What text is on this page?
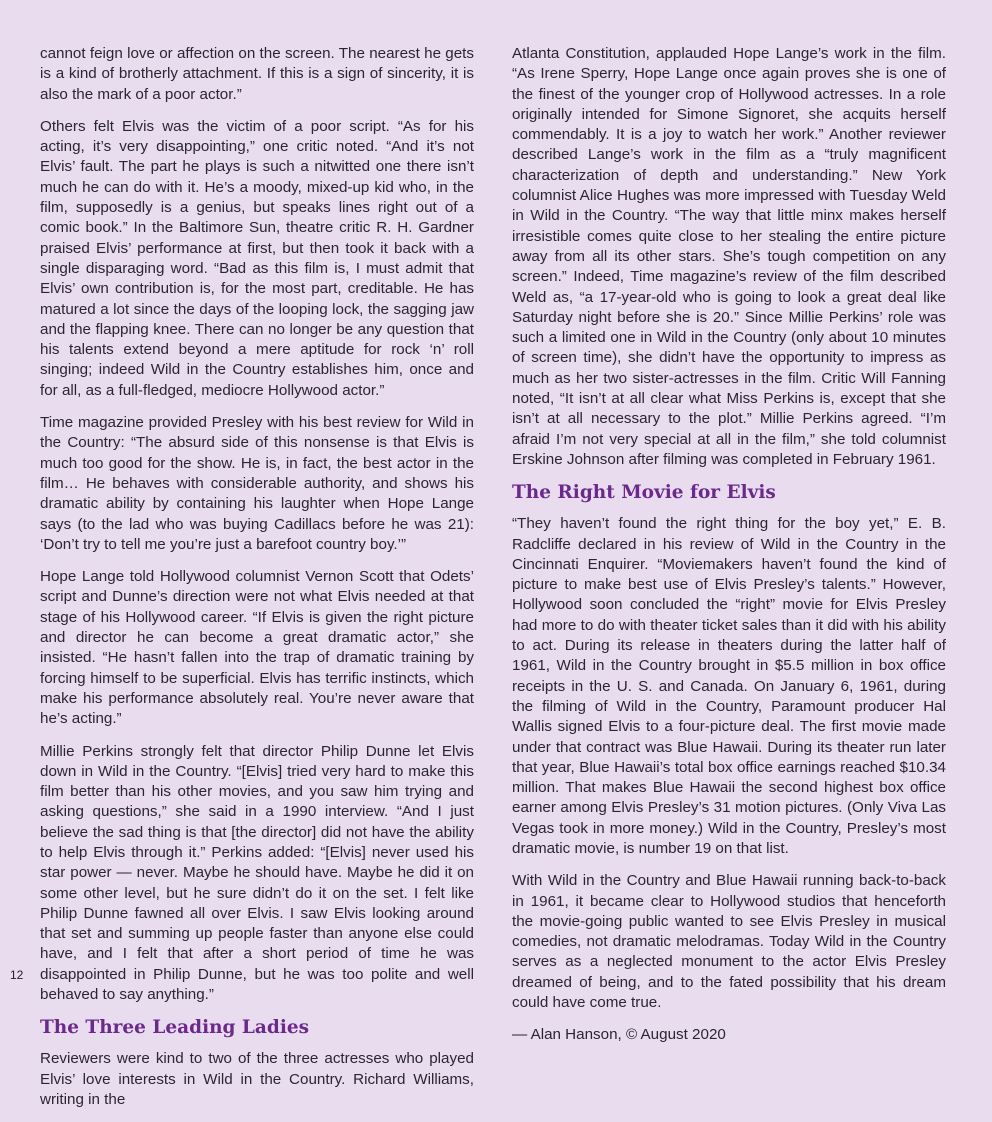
cannot feign love or affection on the screen. The nearest he gets is a kind of brotherly attachment. If this is a sign of sincerity, it is also the mark of a poor actor.”

Others felt Elvis was the victim of a poor script. “As for his acting, it’s very disappointing,” one critic noted. “And it’s not Elvis’ fault. The part he plays is such a nitwitted one there isn’t much he can do with it. He’s a moody, mixed-up kid who, in the film, supposedly is a genius, but speaks lines right out of a comic book.” In the Baltimore Sun, theatre critic R. H. Gardner praised Elvis’ performance at first, but then took it back with a single disparaging word. “Bad as this film is, I must admit that Elvis’ own contribution is, for the most part, creditable. He has matured a lot since the days of the looping lock, the sagging jaw and the flapping knee. There can no longer be any question that his talents extend beyond a mere aptitude for rock ‘n’ roll singing; indeed Wild in the Country establishes him, once and for all, as a full-fledged, mediocre Hollywood actor.”

Time magazine provided Presley with his best review for Wild in the Country: “The absurd side of this nonsense is that Elvis is much too good for the show. He is, in fact, the best actor in the film… He behaves with considerable authority, and shows his dramatic ability by containing his laughter when Hope Lange says (to the lad who was buying Cadillacs before he was 21): ‘Don’t try to tell me you’re just a barefoot country boy.’”

Hope Lange told Hollywood columnist Vernon Scott that Odets’ script and Dunne’s direction were not what Elvis needed at that stage of his Hollywood career. “If Elvis is given the right picture and director he can become a great dramatic actor,” she insisted. “He hasn’t fallen into the trap of dramatic training by forcing himself to be superficial. Elvis has terrific instincts, which make his performance absolutely real. You’re never aware that he’s acting.”

Millie Perkins strongly felt that director Philip Dunne let Elvis down in Wild in the Country. “[Elvis] tried very hard to make this film better than his other movies, and you saw him trying and asking questions,” she said in a 1990 interview. “And I just believe the sad thing is that [the director] did not have the ability to help Elvis through it.” Perkins added: “[Elvis] never used his star power — never. Maybe he should have. Maybe he did it on some other level, but he sure didn’t do it on the set. I felt like Philip Dunne fawned all over Elvis. I saw Elvis looking around that set and summing up people faster than anyone else could have, and I felt that after a short period of time he was disappointed in Philip Dunne, but he was too polite and well behaved to say anything.”

The Three Leading Ladies

Reviewers were kind to two of the three actresses who played Elvis’ love interests in Wild in the Country. Richard Williams, writing in the

Atlanta Constitution, applauded Hope Lange’s work in the film. “As Irene Sperry, Hope Lange once again proves she is one of the finest of the younger crop of Hollywood actresses. In a role originally intended for Simone Signoret, she acquits herself commendably. It is a joy to watch her work.” Another reviewer described Lange’s work in the film as a “truly magnificent characterization of depth and understanding.” New York columnist Alice Hughes was more impressed with Tuesday Weld in Wild in the Country. “The way that little minx makes herself irresistible comes quite close to her stealing the entire picture away from all its other stars. She’s tough competition on any screen.” Indeed, Time magazine’s review of the film described Weld as, “a 17-year-old who is going to look a great deal like Saturday night before she is 20.” Since Millie Perkins’ role was such a limited one in Wild in the Country (only about 10 minutes of screen time), she didn’t have the opportunity to impress as much as her two sister-actresses in the film. Critic Will Fanning noted, “It isn’t at all clear what Miss Perkins is, except that she isn’t at all necessary to the plot.” Millie Perkins agreed. “I’m afraid I’m not very special at all in the film,” she told columnist Erskine Johnson after filming was completed in February 1961.

The Right Movie for Elvis

“They haven’t found the right thing for the boy yet,” E. B. Radcliffe declared in his review of Wild in the Country in the Cincinnati Enquirer. “Moviemakers haven’t found the kind of picture to make best use of Elvis Presley’s talents.” However, Hollywood soon concluded the “right” movie for Elvis Presley had more to do with theater ticket sales than it did with his ability to act. During its release in theaters during the latter half of 1961, Wild in the Country brought in $5.5 million in box office receipts in the U. S. and Canada. On January 6, 1961, during the filming of Wild in the Country, Paramount producer Hal Wallis signed Elvis to a four-picture deal. The first movie made under that contract was Blue Hawaii. During its theater run later that year, Blue Hawaii’s total box office earnings reached $10.34 million. That makes Blue Hawaii the second highest box office earner among Elvis Presley’s 31 motion pictures. (Only Viva Las Vegas took in more money.) Wild in the Country, Presley’s most dramatic movie, is number 19 on that list.

With Wild in the Country and Blue Hawaii running back-to-back in 1961, it became clear to Hollywood studios that henceforth the movie-going public wanted to see Elvis Presley in musical comedies, not dramatic melodramas. Today Wild in the Country serves as a neglected monument to the actor Elvis Presley dreamed of being, and to the fated possibility that his dream could have come true.

— Alan Hanson, © August 2020

12
